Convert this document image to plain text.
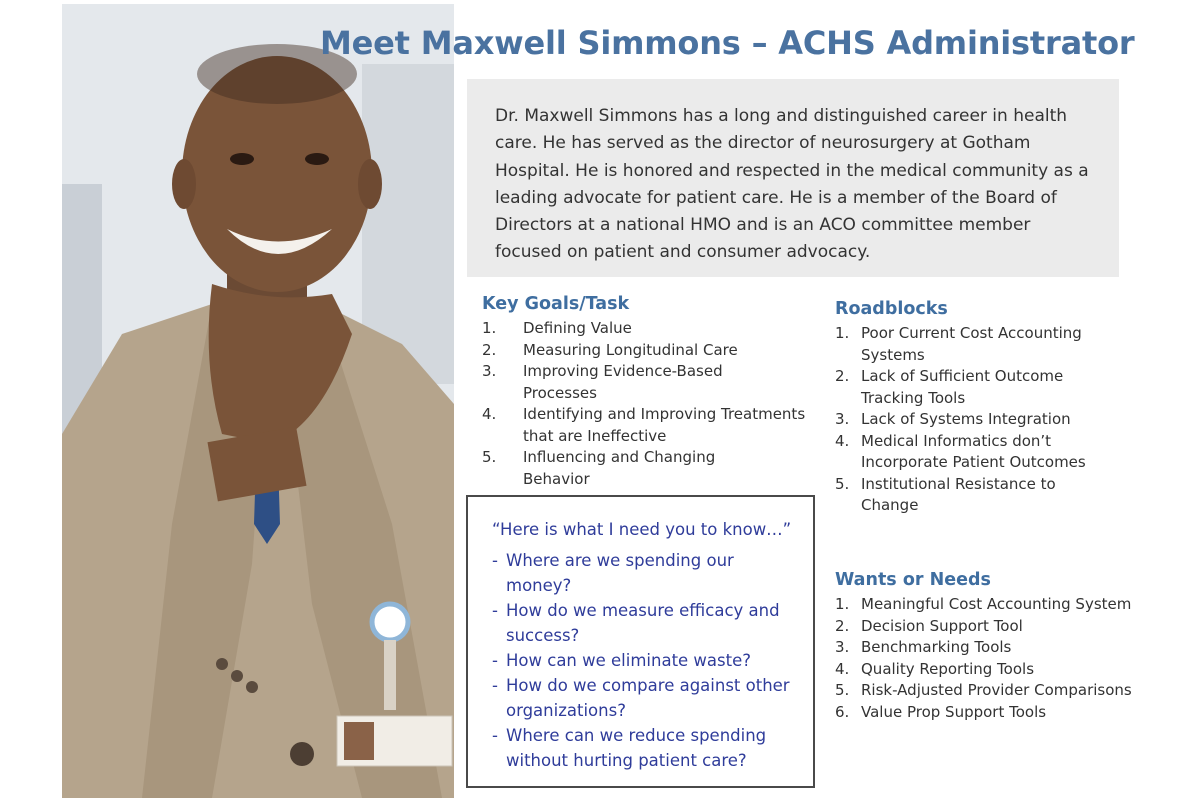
Meet Maxwell Simmons – ACHS Administrator

Dr. Maxwell Simmons has a long and distinguished career in health care. He has served as the director of neurosurgery at Gotham Hospital. He is honored and respected in the medical community as a leading advocate for patient care. He is a member of the Board of Directors at a national HMO and is an ACO committee member focused on patient and consumer advocacy.

Key Goals/Task
1. Defining Value
2. Measuring Longitudinal Care
3. Improving Evidence-Based Processes
4. Identifying and Improving Treatments that are Ineffective
5. Influencing and Changing Behavior
Roadblocks
1. Poor Current Cost Accounting Systems
2. Lack of Sufficient Outcome Tracking Tools
3. Lack of Systems Integration
4. Medical Informatics don’t Incorporate Patient Outcomes
5. Institutional Resistance to Change
Wants or Needs
1. Meaningful Cost Accounting System
2. Decision Support Tool
3. Benchmarking Tools
4. Quality Reporting Tools
5. Risk-Adjusted Provider Comparisons
6. Value Prop Support Tools

“Here is what I need you to know…”

- Where are we spending our money?
- How do we measure efficacy and success?
- How can we eliminate waste?
- How do we compare against other organizations?
- Where can we reduce spending without hurting patient care?
